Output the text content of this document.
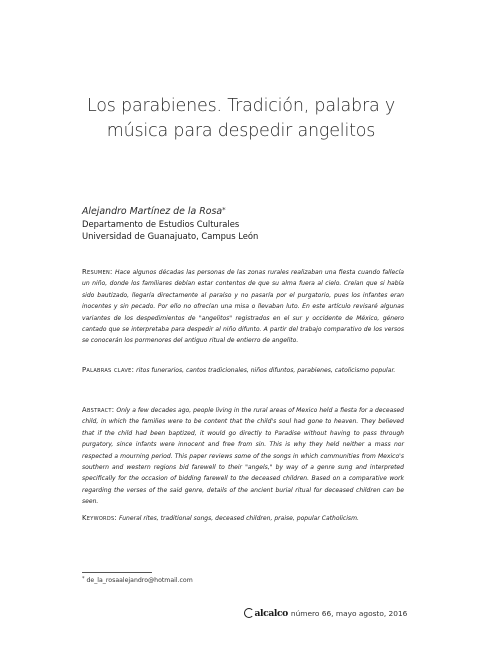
Los parabienes. Tradición, palabra y
música para despedir angelitos
Alejandro Martínez de la Rosa*
Departamento de Estudios Culturales
Universidad de Guanajuato, Campus León
Resumen: Hace algunos décadas las personas de las zonas rurales realizaban una fiesta cuando fallecía un niño, donde los familiares debían estar contentos de que su alma fuera al cielo. Creían que si había sido bautizado, llegaría directamente al paraíso y no pasaría por el purgatorio, pues los infantes eran inocentes y sin pecado. Por ello no ofrecían una misa o llevaban luto. En este artículo revisaré algunas variantes de los despedimientos de "angelitos" registrados en el sur y occidente de México, género cantado que se interpretaba para despedir al niño difunto. A partir del trabajo comparativo de los versos se conocerán los pormenores del antiguo ritual de entierro de angelito.
Palabras clave: ritos funerarios, cantos tradicionales, niños difuntos, parabienes, catolicismo popular.
Abstract: Only a few decades ago, people living in the rural areas of Mexico held a fiesta for a deceased child, in which the families were to be content that the child's soul had gone to heaven. They believed that if the child had been baptized, it would go directly to Paradise without having to pass through purgatory, since infants were innocent and free from sin. This is why they held neither a mass nor respected a mourning period. This paper reviews some of the songs in which communities from Mexico's southern and western regions bid farewell to their "angels," by way of a genre sung and interpreted specifically for the occasion of bidding farewell to the deceased children. Based on a comparative work regarding the verses of the said genre, details of the ancient burial ritual for deceased children can be seen.
Keywords: Funeral rites, traditional songs, deceased children, praise, popular Catholicism.
* de_la_rosaalejandro@hotmail.com
alcalco número 66, mayo agosto, 2016
